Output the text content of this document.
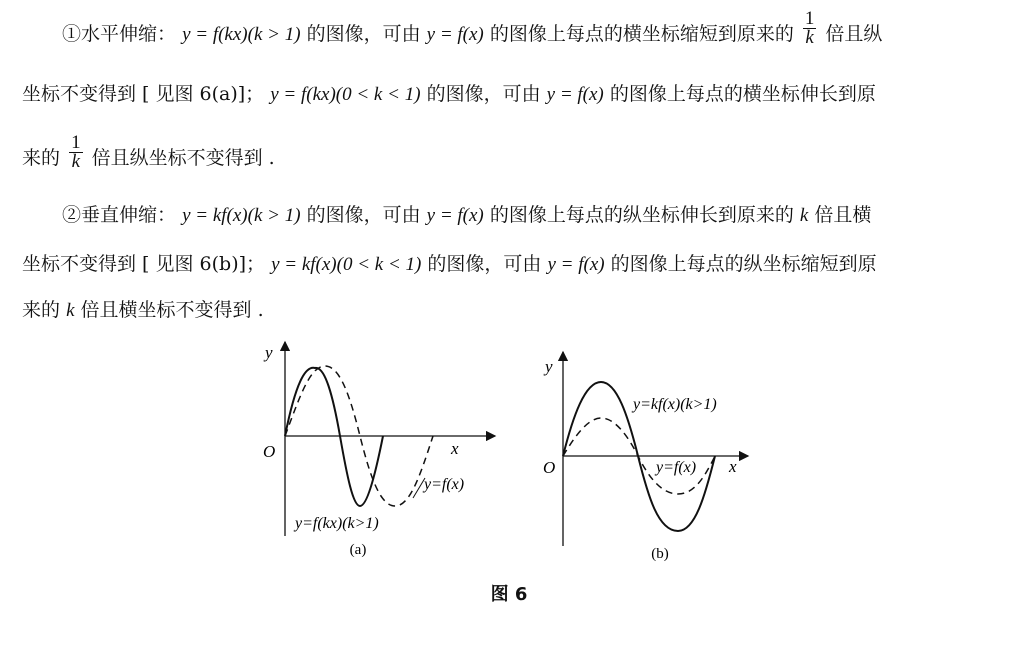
①水平伸缩： y = f(kx)(k > 1) 的图像，可由 y = f(x) 的图像上每点的横坐标缩短到原来的 $\frac{1}{k}$ 倍且纵
坐标不变得到 [ 见图 6(a)]； y = f(kx)(0 < k < 1) 的图像，可由 y = f(x) 的图像上每点的横坐标伸长到原
来的 $\frac{1}{k}$ 倍且纵坐标不变得到 .
②垂直伸缩： y = kf(x)(k > 1) 的图像，可由 y = f(x) 的图像上每点的纵坐标伸长到原来的 k 倍且横
坐标不变得到 [ 见图 6(b)]； y = kf(x)(0 < k < 1) 的图像，可由 y = f(x) 的图像上每点的纵坐标缩短到原
来的 k 倍且横坐标不变得到 .
y
x
O
y=f(x)
y=f(kx)(k>1)
(a)
y
x
O
y=kf(x)(k>1)
y=f(x)
(b)
图 6
